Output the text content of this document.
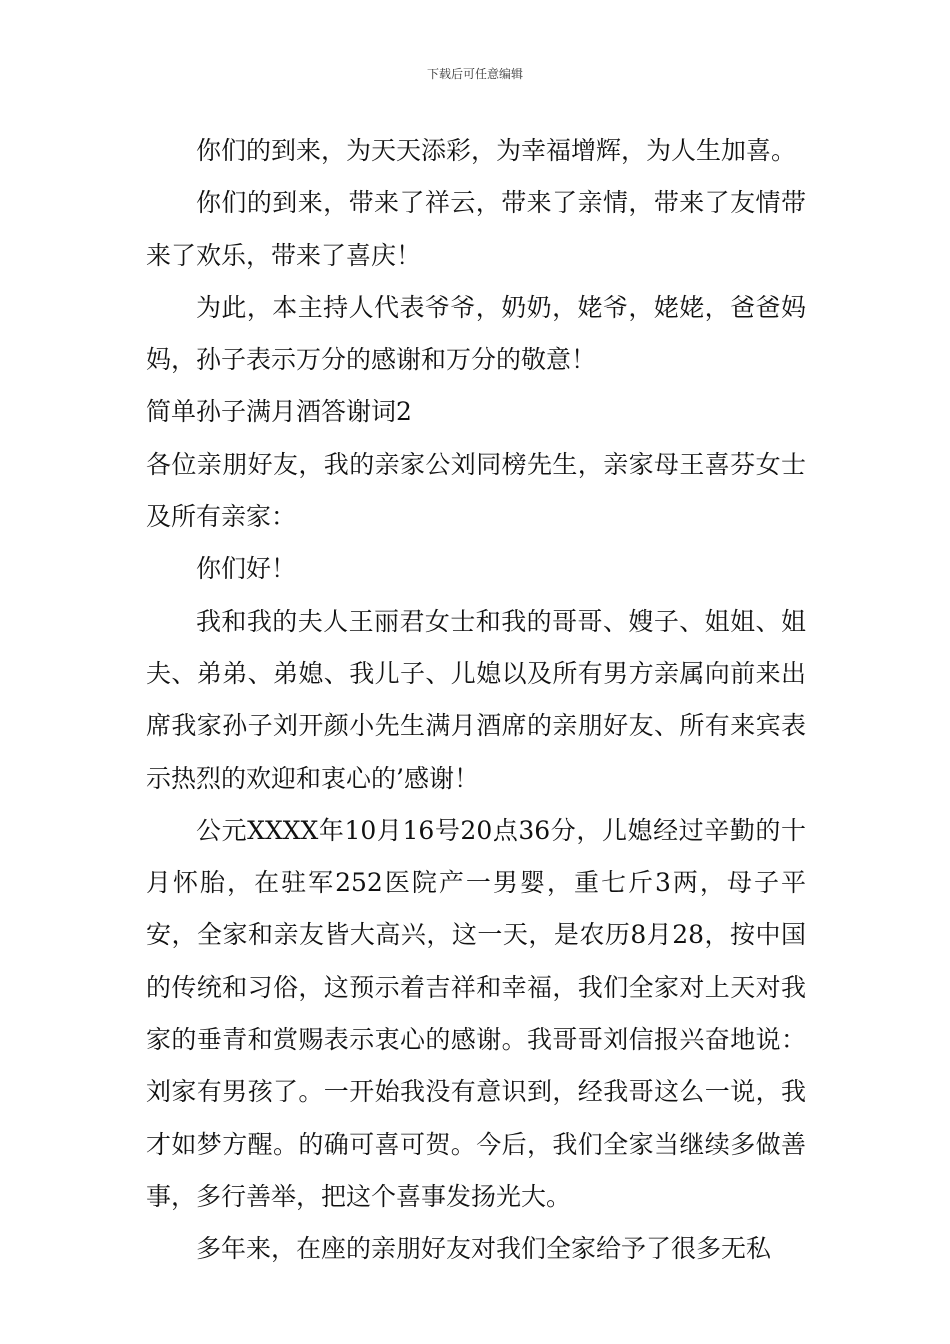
下载后可任意编辑

你们的到来，为天天添彩，为幸福增辉，为人生加喜。

你们的到来，带来了祥云，带来了亲情，带来了友情带来了欢乐，带来了喜庆！

为此，本主持人代表爷爷，奶奶，姥爷，姥姥，爸爸妈妈，孙子表示万分的感谢和万分的敬意！

简单孙子满月酒答谢词2

各位亲朋好友，我的亲家公刘同榜先生，亲家母王喜芬女士及所有亲家：

你们好！

我和我的夫人王丽君女士和我的哥哥、嫂子、姐姐、姐夫、弟弟、弟媳、我儿子、儿媳以及所有男方亲属向前来出席我家孙子刘开颜小先生满月酒席的亲朋好友、所有来宾表示热烈的欢迎和衷心的’感谢！

公元XXXX年10月16号20点36分，儿媳经过辛勤的十月怀胎，在驻军252医院产一男婴，重七斤3两，母子平安，全家和亲友皆大高兴，这一天，是农历8月28，按中国的传统和习俗，这预示着吉祥和幸福，我们全家对上天对我家的垂青和赏赐表示衷心的感谢。我哥哥刘信报兴奋地说：刘家有男孩了。一开始我没有意识到，经我哥这么一说，我才如梦方醒。的确可喜可贺。今后，我们全家当继续多做善事，多行善举，把这个喜事发扬光大。

多年来，在座的亲朋好友对我们全家给予了很多无私
